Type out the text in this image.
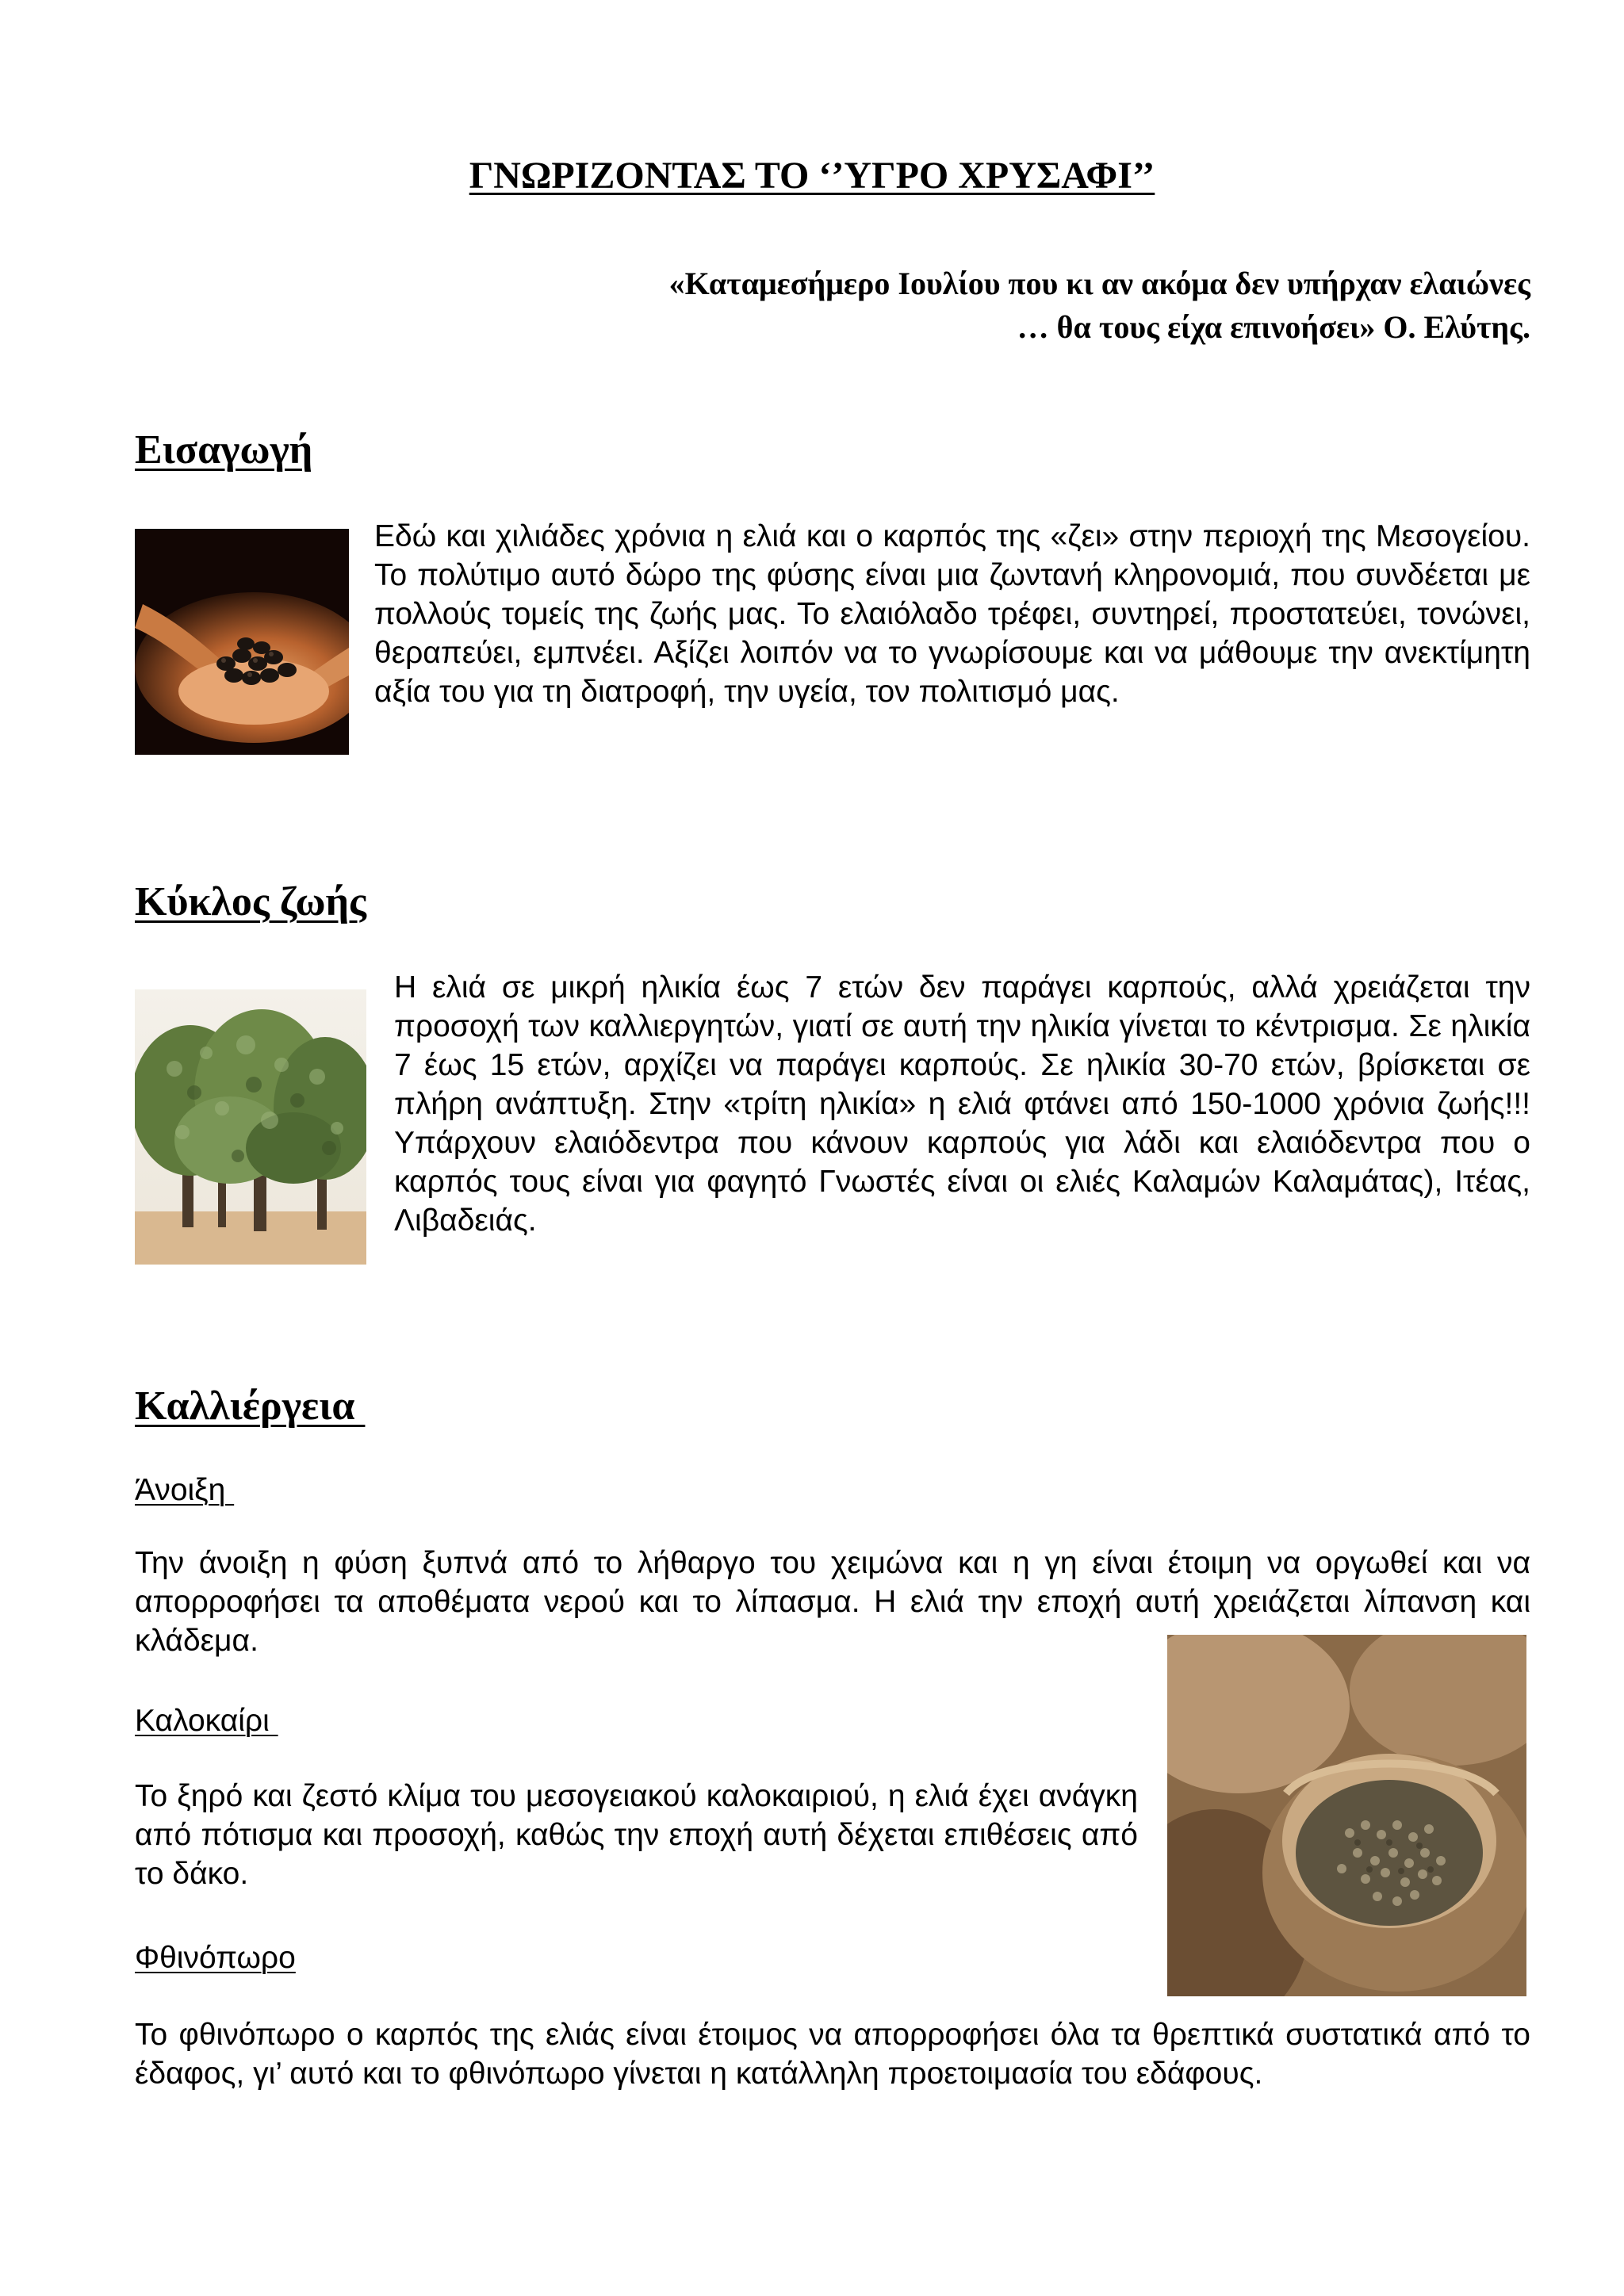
ΓΝΩΡΙΖΟΝΤΑΣ ΤΟ ‘’ΥΓΡΟ ΧΡΥΣΑΦΙ’’
«Καταμεσήμερο Ιουλίου που κι αν ακόμα δεν υπήρχαν ελαιώνες
… θα τους είχα επινοήσει» Ο. Ελύτης.
Εισαγωγή

Εδώ και χιλιάδες χρόνια η ελιά και ο καρπός της «ζει» στην περιοχή της Μεσογείου. Το πολύτιμο αυτό δώρο της φύσης είναι μια ζωντανή κληρονομιά, που συνδέεται με πολλούς τομείς της ζωής μας. Το ελαιόλαδο τρέφει, συντηρεί, προστατεύει, τονώνει, θεραπεύει, εμπνέει. Αξίζει λοιπόν να το γνωρίσουμε και να μάθουμε την ανεκτίμητη αξία του για τη διατροφή, την υγεία, τον πολιτισμό μας.

Κύκλος ζωής

Η ελιά σε μικρή ηλικία έως 7 ετών δεν παράγει καρπούς, αλλά χρειάζεται την προσοχή των καλλιεργητών, γιατί σε αυτή την ηλικία γίνεται το κέντρισμα. Σε ηλικία 7 έως 15 ετών, αρχίζει να παράγει καρπούς. Σε ηλικία 30-70 ετών, βρίσκεται σε πλήρη ανάπτυξη. Στην «τρίτη ηλικία» η ελιά φτάνει από 150-1000 χρόνια ζωής!!! Υπάρχουν ελαιόδεντρα που κάνουν καρπούς για λάδι και ελαιόδεντρα που ο καρπός τους είναι για φαγητό Γνωστές είναι οι ελιές Καλαμών Καλαμάτας), Ιτέας, Λιβαδειάς.

Καλλιέργεια
Άνοιξη

Την άνοιξη η φύση ξυπνά από το λήθαργο του χειμώνα και η γη είναι έτοιμη να οργωθεί και να απορροφήσει τα αποθέματα νερού και το λίπασμα. Η ελιά την εποχή αυτή χρειάζεται λίπανση και κλάδεμα.

Καλοκαίρι

Το ξηρό και ζεστό κλίμα του μεσογειακού καλοκαιριού, η ελιά έχει ανάγκη από πότισμα και προσοχή, καθώς την εποχή αυτή δέχεται επιθέσεις από το δάκο.

Φθινόπωρο

Το φθινόπωρο ο καρπός της ελιάς είναι έτοιμος να απορροφήσει όλα τα θρεπτικά συστατικά από το έδαφος, γι’ αυτό και το φθινόπωρο γίνεται η κατάλληλη προετοιμασία του εδάφους.
